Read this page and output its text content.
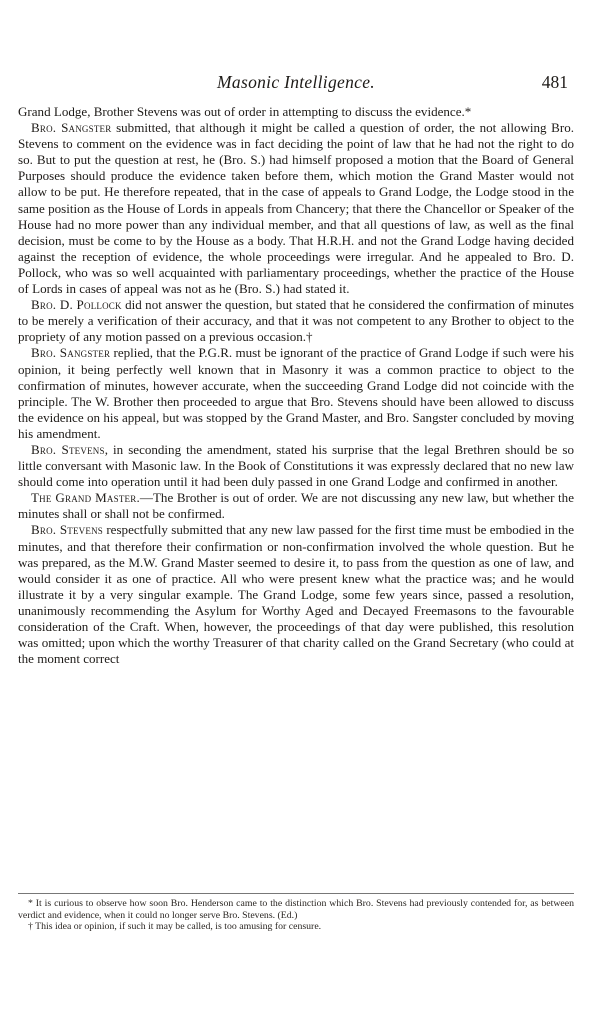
Masonic Intelligence.	481

Grand Lodge, Brother Stevens was out of order in attempting to discuss the evidence.*

Bro. Sangster submitted, that although it might be called a question of order, the not allowing Bro. Stevens to comment on the evidence was in fact deciding the point of law that he had not the right to do so. But to put the question at rest, he (Bro. S.) had himself proposed a motion that the Board of General Purposes should produce the evidence taken before them, which motion the Grand Master would not allow to be put. He therefore repeated, that in the case of appeals to Grand Lodge, the Lodge stood in the same position as the House of Lords in appeals from Chancery; that there the Chancellor or Speaker of the House had no more power than any individual member, and that all questions of law, as well as the final decision, must be come to by the House as a body. That H.R.H. and not the Grand Lodge having decided against the reception of evidence, the whole proceedings were irregular. And he appealed to Bro. D. Pollock, who was so well acquainted with parliamentary proceedings, whether the practice of the House of Lords in cases of appeal was not as he (Bro. S.) had stated it.

Bro. D. Pollock did not answer the question, but stated that he considered the confirmation of minutes to be merely a verification of their accuracy, and that it was not competent to any Brother to object to the propriety of any motion passed on a previous occasion.†

Bro. Sangster replied, that the P.G.R. must be ignorant of the practice of Grand Lodge if such were his opinion, it being perfectly well known that in Masonry it was a common practice to object to the confirmation of minutes, however accurate, when the succeeding Grand Lodge did not coincide with the principle. The W. Brother then proceeded to argue that Bro. Stevens should have been allowed to discuss the evidence on his appeal, but was stopped by the Grand Master, and Bro. Sangster concluded by moving his amendment.

Bro. Stevens, in seconding the amendment, stated his surprise that the legal Brethren should be so little conversant with Masonic law. In the Book of Constitutions it was expressly declared that no new law should come into operation until it had been duly passed in one Grand Lodge and confirmed in another.

The Grand Master.—The Brother is out of order. We are not discussing any new law, but whether the minutes shall or shall not be confirmed.

Bro. Stevens respectfully submitted that any new law passed for the first time must be embodied in the minutes, and that therefore their confirmation or non-confirmation involved the whole question. But he was prepared, as the M.W. Grand Master seemed to desire it, to pass from the question as one of law, and would consider it as one of practice. All who were present knew what the practice was; and he would illustrate it by a very singular example. The Grand Lodge, some few years since, passed a resolution, unanimously recommending the Asylum for Worthy Aged and Decayed Freemasons to the favourable consideration of the Craft. When, however, the proceedings of that day were published, this resolution was omitted; upon which the worthy Treasurer of that charity called on the Grand Secretary (who could at the moment correct

* It is curious to observe how soon Bro. Henderson came to the distinction which Bro. Stevens had previously contended for, as between verdict and evidence, when it could no longer serve Bro. Stevens. (Ed.)

† This idea or opinion, if such it may be called, is too amusing for censure.
